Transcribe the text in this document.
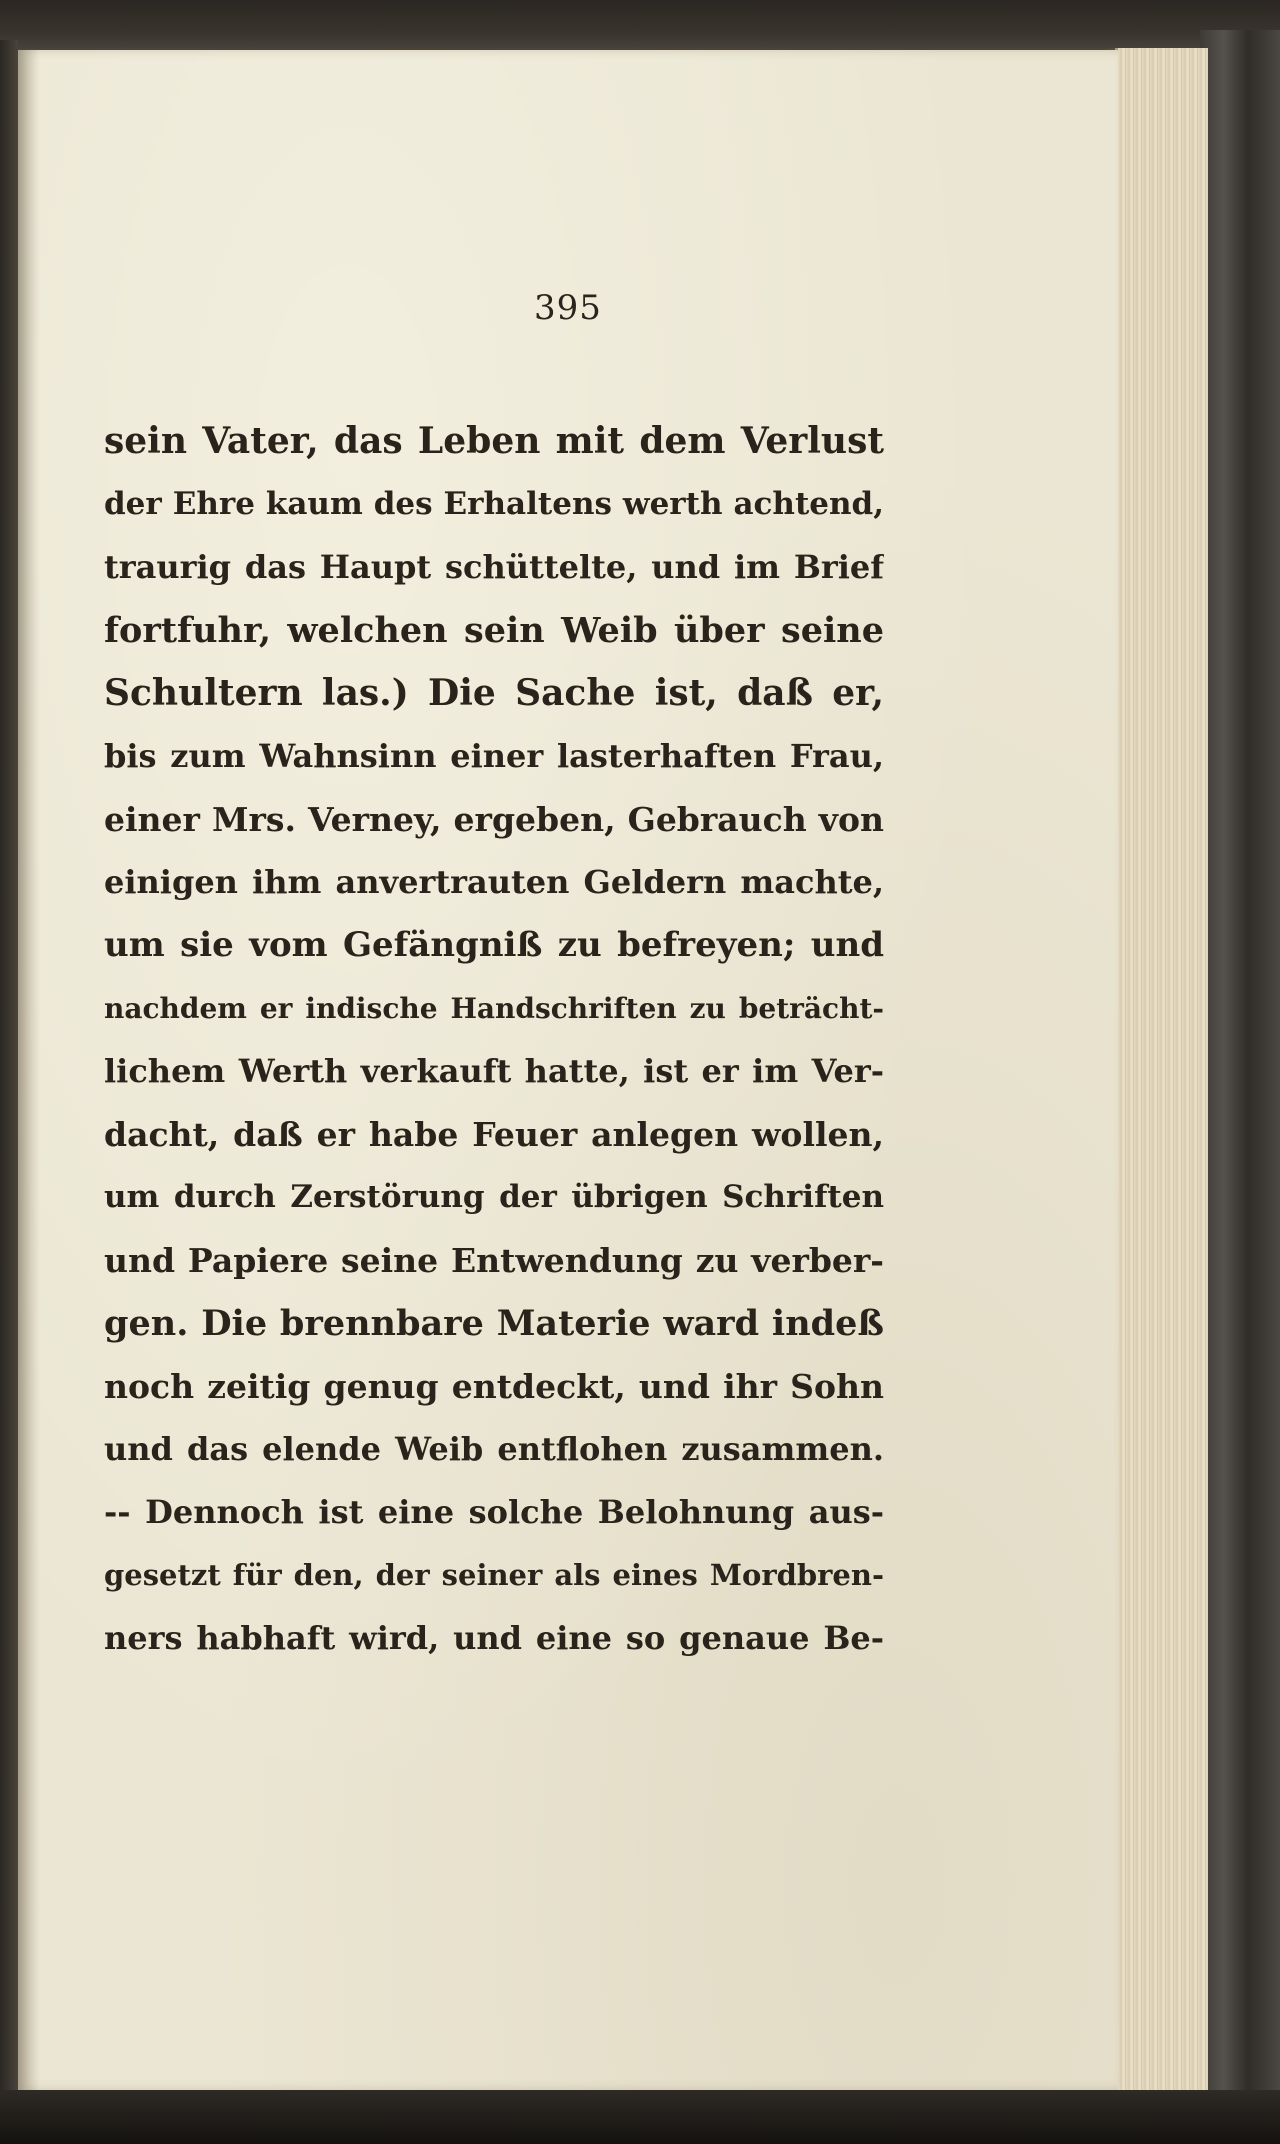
395
sein Vater, das Leben mit dem Verlust
der Ehre kaum des Erhaltens werth achtend,
traurig das Haupt schüttelte, und im Brief
fortfuhr, welchen sein Weib über seine
Schultern las.) Die Sache ist, daß er,
bis zum Wahnsinn einer lasterhaften Frau,
einer Mrs. Verney, ergeben, Gebrauch von
einigen ihm anvertrauten Geldern machte,
um sie vom Gefängniß zu befreyen; und
nachdem er indische Handschriften zu beträcht-
lichem Werth verkauft hatte, ist er im Ver-
dacht, daß er habe Feuer anlegen wollen,
um durch Zerstörung der übrigen Schriften
und Papiere seine Entwendung zu verber-
gen. Die brennbare Materie ward indeß
noch zeitig genug entdeckt, und ihr Sohn
und das elende Weib entflohen zusammen.
-- Dennoch ist eine solche Belohnung aus-
gesetzt für den, der seiner als eines Mordbren-
ners habhaft wird, und eine so genaue Be-
